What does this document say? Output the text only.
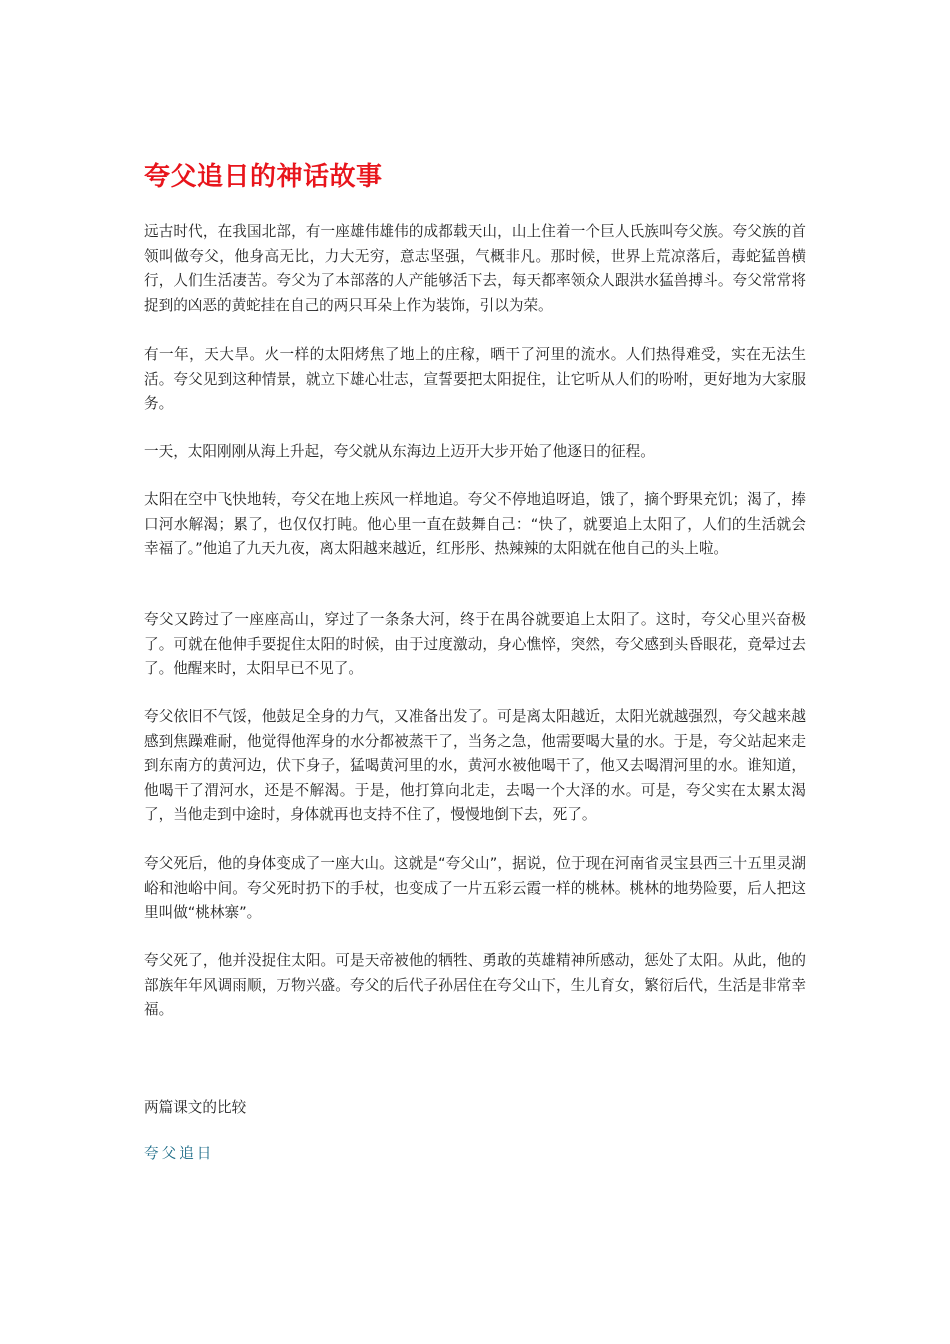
夸父追日的神话故事

远古时代，在我国北部，有一座雄伟雄伟的成都载天山，山上住着一个巨人氏族叫夸父族。夸父族的首领叫做夸父，他身高无比，力大无穷，意志坚强，气概非凡。那时候，世界上荒凉落后，毒蛇猛兽横行，人们生活凄苦。夸父为了本部落的人产能够活下去，每天都率领众人跟洪水猛兽搏斗。夸父常常将捉到的凶恶的黄蛇挂在自己的两只耳朵上作为装饰，引以为荣。

有一年，天大旱。火一样的太阳烤焦了地上的庄稼，晒干了河里的流水。人们热得难受，实在无法生活。夸父见到这种情景，就立下雄心壮志，宣誓要把太阳捉住，让它听从人们的吩咐，更好地为大家服务。

一天，太阳刚刚从海上升起，夸父就从东海边上迈开大步开始了他逐日的征程。

太阳在空中飞快地转，夸父在地上疾风一样地追。夸父不停地追呀追，饿了，摘个野果充饥；渴了，捧口河水解渴；累了，也仅仅打盹。他心里一直在鼓舞自己：“快了，就要追上太阳了，人们的生活就会幸福了。”他追了九天九夜，离太阳越来越近，红彤彤、热辣辣的太阳就在他自己的头上啦。

夸父又跨过了一座座高山，穿过了一条条大河，终于在禺谷就要追上太阳了。这时，夸父心里兴奋极了。可就在他伸手要捉住太阳的时候，由于过度激动，身心憔悴，突然，夸父感到头昏眼花，竟晕过去了。他醒来时，太阳早已不见了。

夸父依旧不气馁，他鼓足全身的力气，又准备出发了。可是离太阳越近，太阳光就越强烈，夸父越来越感到焦躁难耐，他觉得他浑身的水分都被蒸干了，当务之急，他需要喝大量的水。于是，夸父站起来走到东南方的黄河边，伏下身子，猛喝黄河里的水，黄河水被他喝干了，他又去喝渭河里的水。谁知道，他喝干了渭河水，还是不解渴。于是，他打算向北走，去喝一个大泽的水。可是，夸父实在太累太渴了，当他走到中途时，身体就再也支持不住了，慢慢地倒下去，死了。

夸父死后，他的身体变成了一座大山。这就是“夸父山”，据说，位于现在河南省灵宝县西三十五里灵湖峪和池峪中间。夸父死时扔下的手杖，也变成了一片五彩云霞一样的桃林。桃林的地势险要，后人把这里叫做“桃林寨”。

夸父死了，他并没捉住太阳。可是天帝被他的牺牲、勇敢的英雄精神所感动，惩处了太阳。从此，他的部族年年风调雨顺，万物兴盛。夸父的后代子孙居住在夸父山下，生儿育女，繁衍后代，生活是非常幸福。

两篇课文的比较

夸父追日
